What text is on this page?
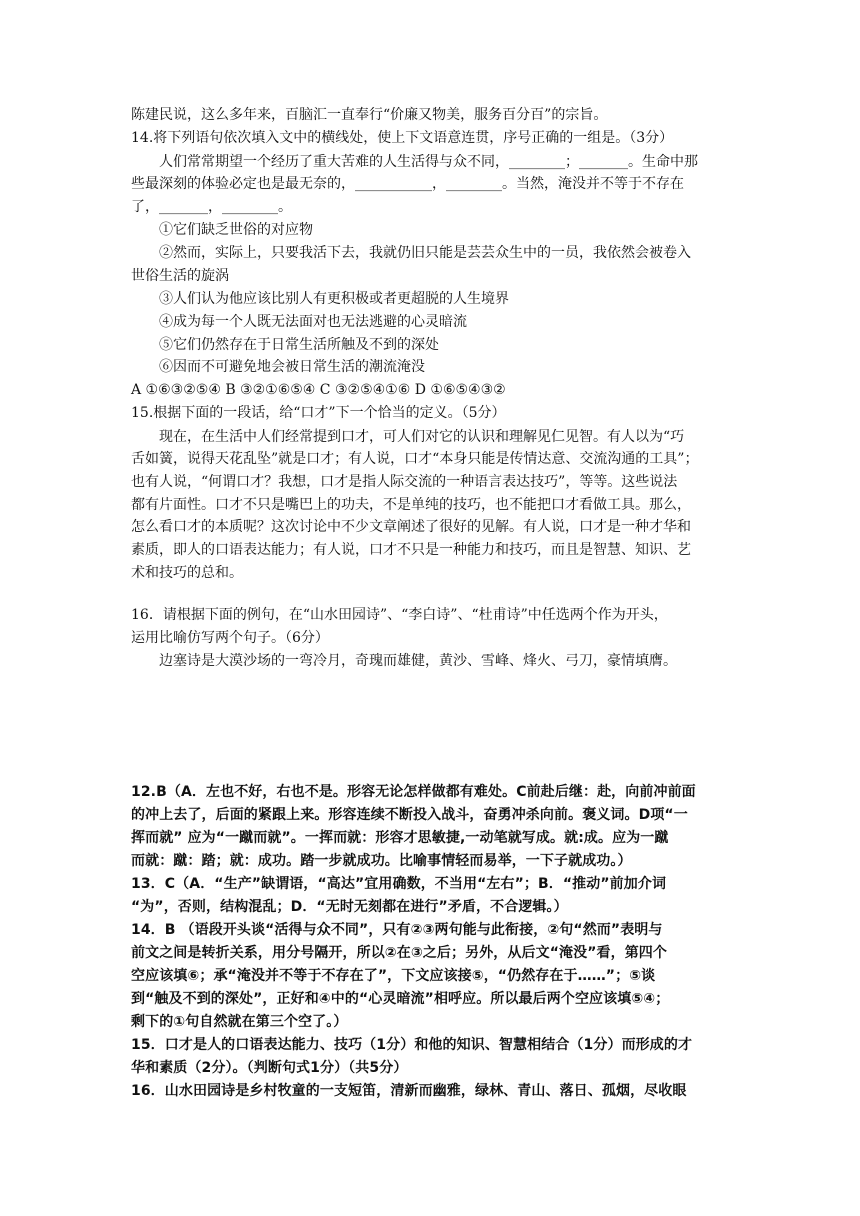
陈建民说，这么多年来，百脑汇一直奉行“价廉又物美，服务百分百”的宗旨。
14.将下列语句依次填入文中的横线处，使上下文语意连贯，序号正确的一组是。（3分）
人们常常期望一个经历了重大苦难的人生活得与众不同，________；_______。生命中那
些最深刻的体验必定也是最无奈的，___________，________。当然，淹没并不等于不存在
了，_______，________。
①它们缺乏世俗的对应物
②然而，实际上，只要我活下去，我就仍旧只能是芸芸众生中的一员，我依然会被卷入
世俗生活的旋涡
③人们认为他应该比别人有更积极或者更超脱的人生境界
④成为每一个人既无法面对也无法逃避的心灵暗流
⑤它们仍然存在于日常生活所触及不到的深处
⑥因而不可避免地会被日常生活的潮流淹没
A ①⑥③②⑤④ B ③②①⑥⑤④ C ③②⑤④①⑥ D ①⑥⑤④③②
15.根据下面的一段话，给“口才”下一个恰当的定义。（5分）
现在，在生活中人们经常提到口才，可人们对它的认识和理解见仁见智。有人以为“巧
舌如簧，说得天花乱坠”就是口才；有人说，口才“本身只能是传情达意、交流沟通的工具”；
也有人说，“何谓口才？我想，口才是指人际交流的一种语言表达技巧”，等等。这些说法
都有片面性。口才不只是嘴巴上的功夫，不是单纯的技巧，也不能把口才看做工具。那么，
怎么看口才的本质呢？这次讨论中不少文章阐述了很好的见解。有人说，口才是一种才华和
素质，即人的口语表达能力；有人说，口才不只是一种能力和技巧，而且是智慧、知识、艺
术和技巧的总和。
16．请根据下面的例句，在“山水田园诗”、“李白诗”、“杜甫诗”中任选两个作为开头，
运用比喻仿写两个句子。（6分）
边塞诗是大漠沙场的一弯冷月，奇瑰而雄健，黄沙、雪峰、烽火、弓刀，豪情填膺。
12.B（A．左也不好，右也不是。形容无论怎样做都有难处。C前赴后继：赴，向前冲前面
的冲上去了，后面的紧跟上来。形容连续不断投入战斗，奋勇冲杀向前。褒义词。D项“一
挥而就” 应为“一蹴而就”。一挥而就：形容才思敏捷,一动笔就写成。就:成。应为一蹴
而就：蹴：踏；就：成功。踏一步就成功。比喻事情轻而易举，一下子就成功。）
13．C（A．“生产”缺谓语，“高达”宜用确数，不当用“左右”；B．“推动”前加介词
“为”，否则，结构混乱；D．“无时无刻都在进行”矛盾，不合逻辑。）
14．B （语段开头谈“活得与众不同”，只有②③两句能与此衔接，②句“然而”表明与
前文之间是转折关系，用分号隔开，所以②在③之后；另外，从后文“淹没”看，第四个
空应该填⑥；承“淹没并不等于不存在了”，下文应该接⑤，“仍然存在于……”；⑤谈
到“触及不到的深处”，正好和④中的“心灵暗流”相呼应。所以最后两个空应该填⑤④；
剩下的①句自然就在第三个空了。）
15．口才是人的口语表达能力、技巧（1分）和他的知识、智慧相结合（1分）而形成的才
华和素质（2分）。（判断句式1分）（共5分）
16．山水田园诗是乡村牧童的一支短笛，清新而幽雅，绿林、青山、落日、孤烟，尽收眼
